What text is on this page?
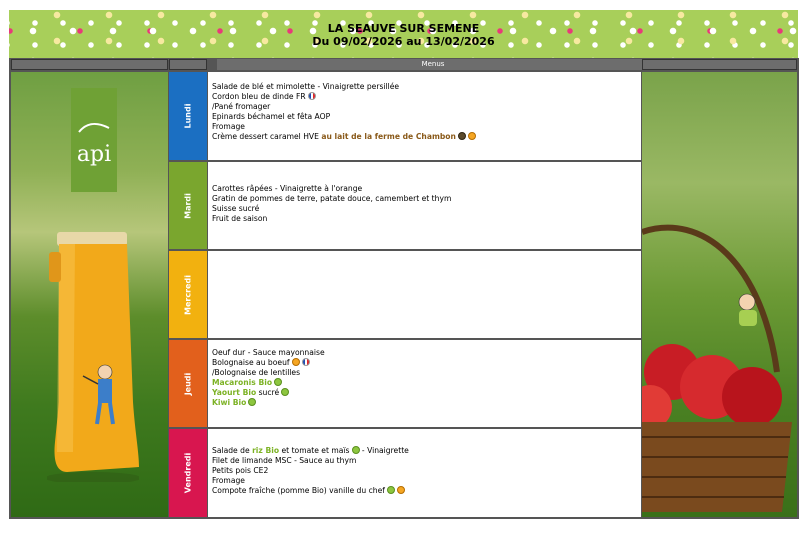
LA SEAUVE SUR SEMENE
Du 09/02/2026 au 13/02/2026
Menus
api
Lundi
Salade de blé et mimolette - Vinaigrette persillée
Cordon bleu de dinde FR
/Pané fromager
Epinards béchamel et fêta AOP
Fromage
Crème dessert caramel HVE au lait de la ferme de Chambon
Mardi
Carottes râpées - Vinaigrette à l'orange
Gratin de pommes de terre, patate douce, camembert et thym
Suisse sucré
Fruit de saison
Mercredi
Jeudi
Oeuf dur - Sauce mayonnaise
Bolognaise au boeuf
/Bolognaise de lentilles
Macaronis Bio
Yaourt Bio sucré
Kiwi Bio
Vendredi
Salade de riz Bio et tomate et maïs - Vinaigrette
Filet de limande MSC - Sauce au thym
Petits pois CE2
Fromage
Compote fraîche (pomme Bio) vanille du chef
